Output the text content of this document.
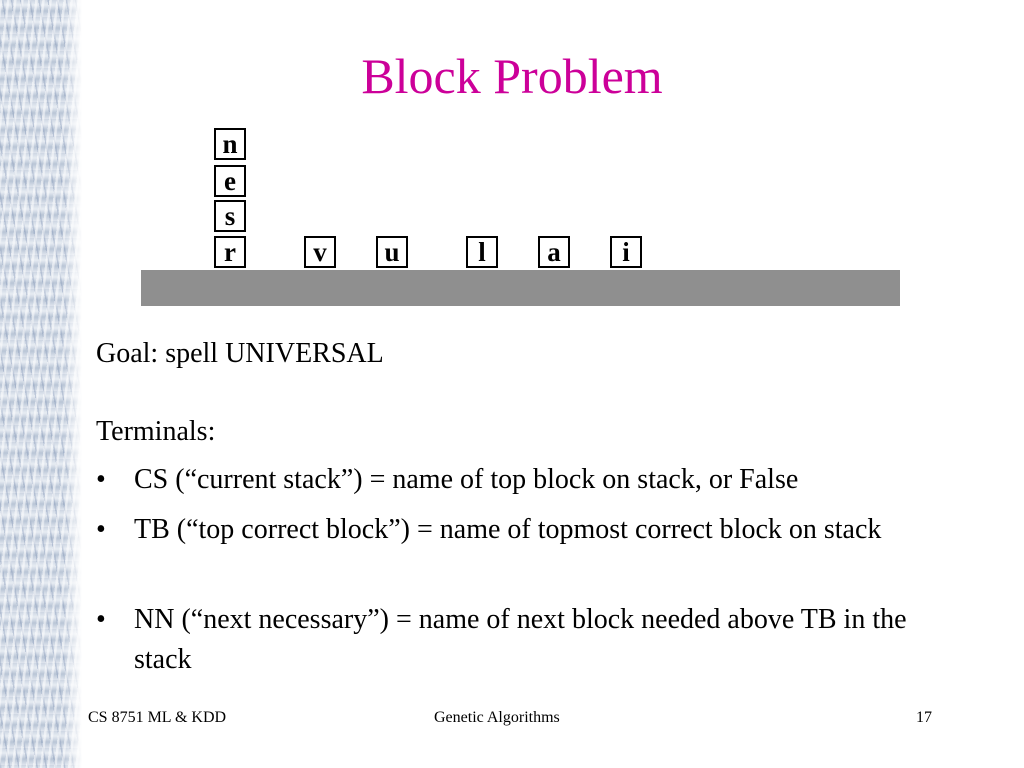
Block Problem
n
e
s
r	v	u	l	a	i
Goal: spell UNIVERSAL
Terminals:
• CS (“current stack”) = name of top block on stack, or False
• TB (“top correct block”) = name of topmost correct block on stack
• NN (“next necessary”) = name of next block needed above TB in the stack
CS 8751 ML & KDD	Genetic Algorithms	17
